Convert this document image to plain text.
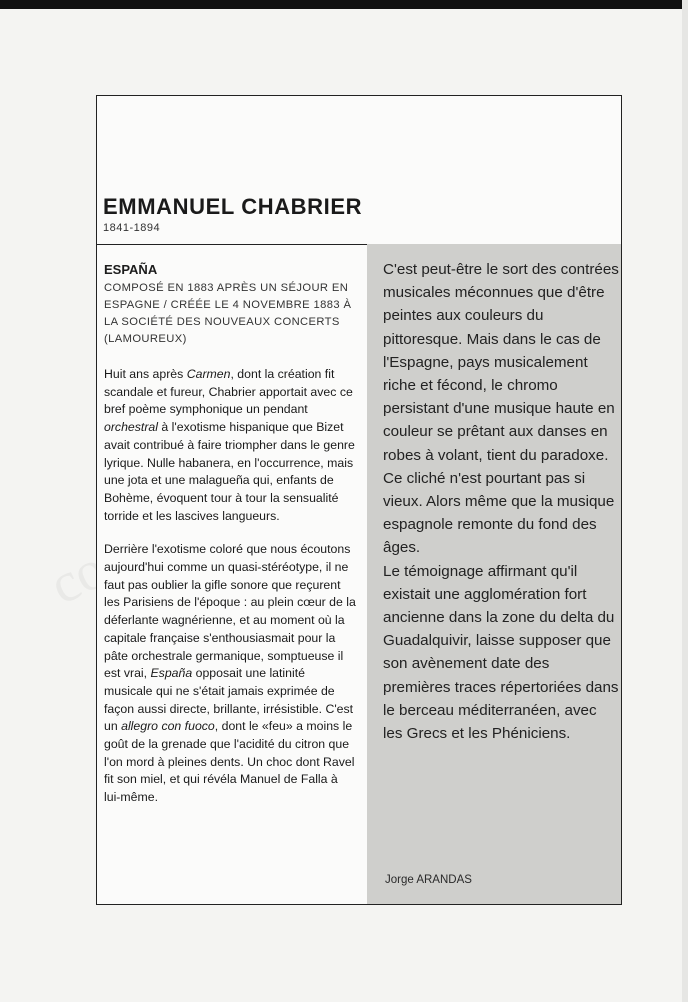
EMMANUEL CHABRIER
1841-1894
ESPAÑA
COMPOSÉ EN 1883 APRÈS UN SÉJOUR EN ESPAGNE / CRÉÉE LE 4 NOVEMBRE 1883 À LA SOCIÉTÉ DES NOUVEAUX CONCERTS (LAMOUREUX)

Huit ans après Carmen, dont la création fit scandale et fureur, Chabrier apportait avec ce bref poème symphonique un pendant orchestral à l'exotisme hispanique que Bizet avait contribué à faire triompher dans le genre lyrique. Nulle habanera, en l'occurrence, mais une jota et une malagueña qui, enfants de Bohème, évoquent tour à tour la sensualité torride et les lascives langueurs.

Derrière l'exotisme coloré que nous écoutons aujourd'hui comme un quasi-stéréotype, il ne faut pas oublier la gifle sonore que reçurent les Parisiens de l'époque : au plein cœur de la déferlante wagnérienne, et au moment où la capitale française s'enthousiasmait pour la pâte orchestrale germanique, somptueuse il est vrai, España opposait une latinité musicale qui ne s'était jamais exprimée de façon aussi directe, brillante, irrésistible. C'est un allegro con fuoco, dont le «feu» a moins le goût de la grenade que l'acidité du citron que l'on mord à pleines dents. Un choc dont Ravel fit son miel, et qui révéla Manuel de Falla à lui-même.

C'est peut-être le sort des contrées musicales méconnues que d'être peintes aux couleurs du pittoresque. Mais dans le cas de l'Espagne, pays musicalement riche et fécond, le chromo persistant d'une musique haute en couleur se prêtant aux danses en robes à volant, tient du paradoxe. Ce cliché n'est pourtant pas si vieux. Alors même que la musique espagnole remonte du fond des âges.

Le témoignage affirmant qu'il existait une agglomération fort ancienne dans la zone du delta du Guadalquivir, laisse supposer que son avènement date des premières traces répertoriées dans le berceau méditerranéen, avec les Grecs et les Phéniciens.

Jorge ARANDAS
